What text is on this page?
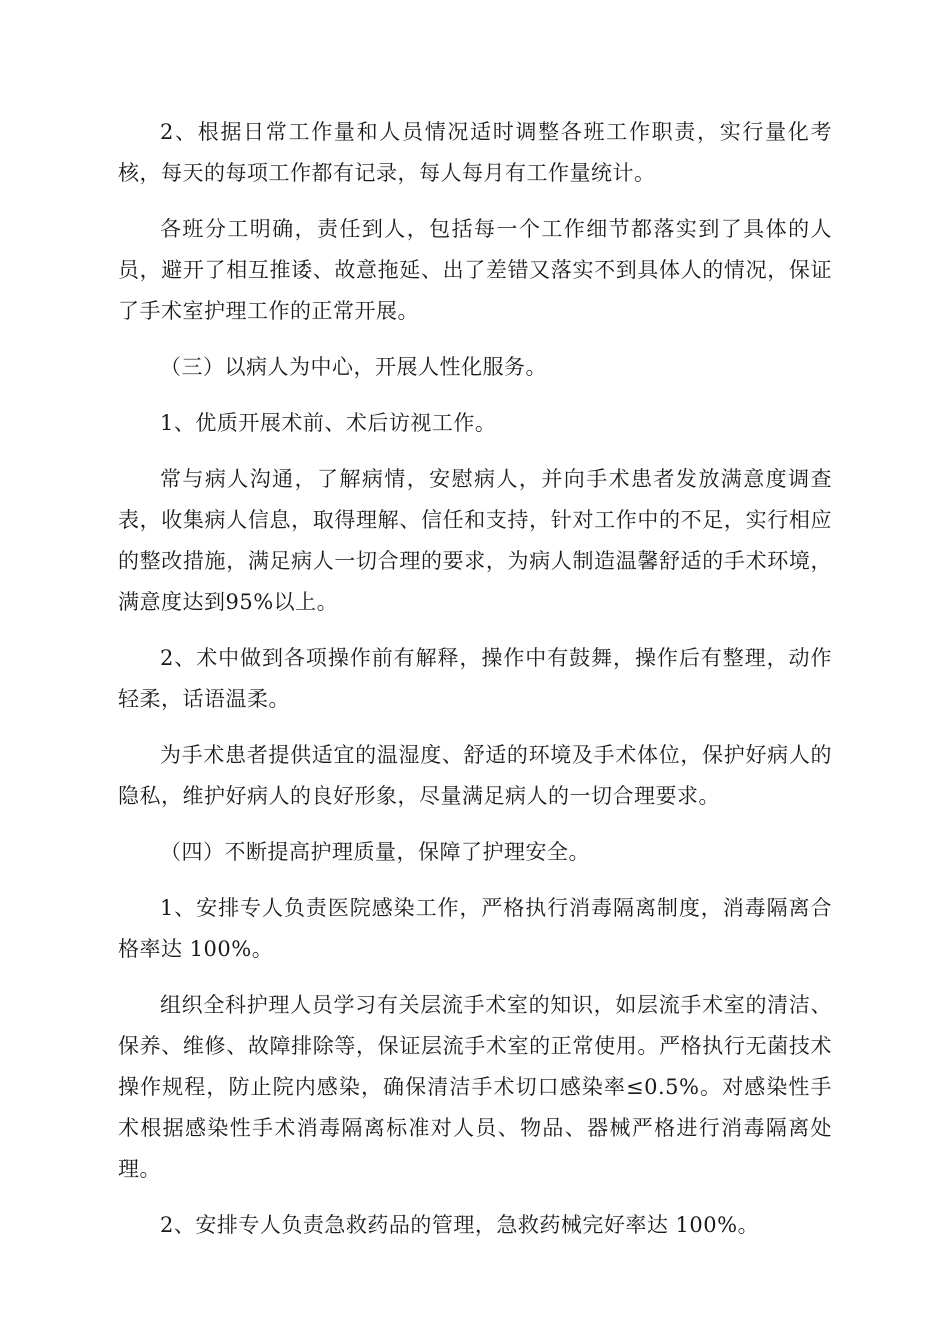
2、根据日常工作量和人员情况适时调整各班工作职责，实行量化考核，每天的每项工作都有记录，每人每月有工作量统计。

各班分工明确，责任到人，包括每一个工作细节都落实到了具体的人员，避开了相互推诿、故意拖延、出了差错又落实不到具体人的情况，保证了手术室护理工作的正常开展。

（三）以病人为中心，开展人性化服务。

1、优质开展术前、术后访视工作。

常与病人沟通，了解病情，安慰病人，并向手术患者发放满意度调查表，收集病人信息，取得理解、信任和支持，针对工作中的不足，实行相应的整改措施，满足病人一切合理的要求，为病人制造温馨舒适的手术环境，满意度达到95%以上。

2、术中做到各项操作前有解释，操作中有鼓舞，操作后有整理，动作轻柔，话语温柔。

为手术患者提供适宜的温湿度、舒适的环境及手术体位，保护好病人的隐私，维护好病人的良好形象，尽量满足病人的一切合理要求。

（四）不断提高护理质量，保障了护理安全。

1、安排专人负责医院感染工作，严格执行消毒隔离制度，消毒隔离合格率达 100%。

组织全科护理人员学习有关层流手术室的知识，如层流手术室的清洁、保养、维修、故障排除等，保证层流手术室的正常使用。严格执行无菌技术操作规程，防止院内感染，确保清洁手术切口感染率≤0.5%。对感染性手术根据感染性手术消毒隔离标准对人员、物品、器械严格进行消毒隔离处理。

2、安排专人负责急救药品的管理，急救药械完好率达 100%。
